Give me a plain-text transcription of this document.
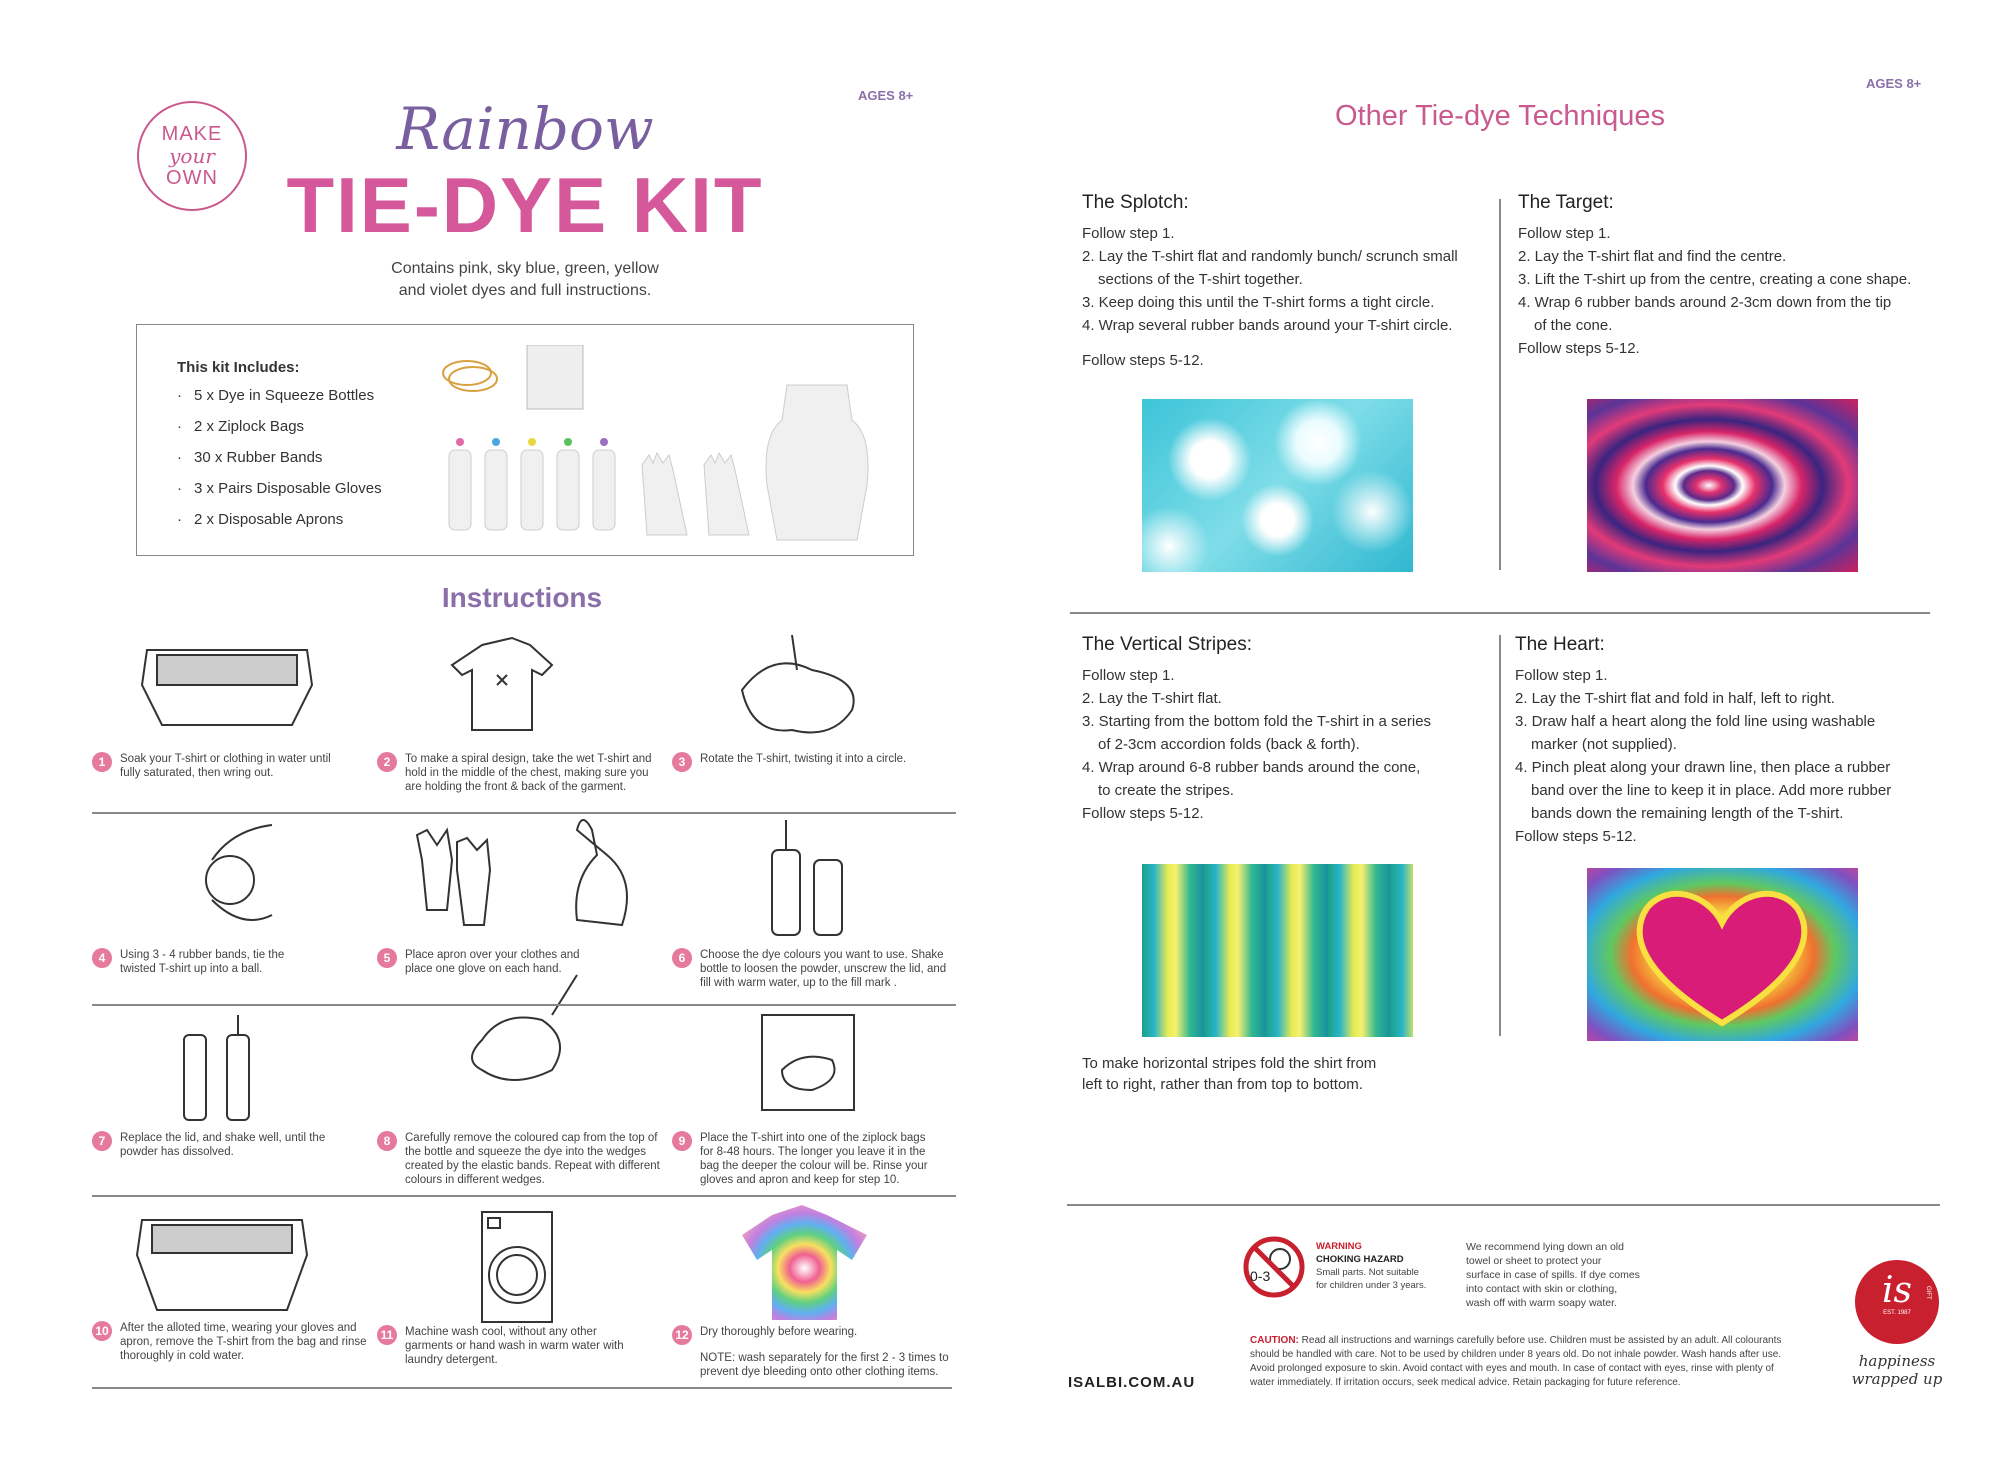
AGES 8+
MAKE
your
OWN
Rainbow
TIE-DYE KIT
Contains pink, sky blue, green, yellow
and violet dyes and full instructions.
This kit Includes:
· 5 x Dye in Squeeze Bottles
· 2 x Ziplock Bags
· 30 x Rubber Bands
· 3 x Pairs Disposable Gloves
· 2 x Disposable Aprons
Instructions
1	Soak your T-shirt or clothing in water until fully saturated, then wring out.
2	To make a spiral design, take the wet T-shirt and hold in the middle of the chest, making sure you are holding the front & back of the garment.
3	Rotate the T-shirt, twisting it into a circle.
4	Using 3 - 4 rubber bands, tie the twisted T-shirt up into a ball.
5	Place apron over your clothes and place one glove on each hand.
6	Choose the dye colours you want to use. Shake bottle to loosen the powder, unscrew the lid, and fill with warm water, up to the fill mark .
7	Replace the lid, and shake well, until the powder has dissolved.
8	Carefully remove the coloured cap from the top of the bottle and squeeze the dye into the wedges created by the elastic bands. Repeat with different colours in different wedges.
9	Place the T-shirt into one of the ziplock bags for 8-48 hours. The longer you leave it in the bag the deeper the colour will be. Rinse your gloves and apron and keep for step 10.
10 After the alloted time, wearing your gloves and apron, remove the T-shirt from the bag and rinse thoroughly in cold water.
11	Machine wash cool, without any other garments or hand wash in warm water with laundry detergent.
12 Dry thoroughly before wearing.
NOTE: wash separately for the first 2 - 3 times to prevent dye bleeding onto other clothing items.
AGES 8+
Other Tie-dye Techniques
The Splotch:

Follow step 1.

2. Lay the T-shirt flat and randomly bunch/ scrunch small

sections of the T-shirt together.

3. Keep doing this until the T-shirt forms a tight circle.

4. Wrap several rubber bands around your T-shirt circle.

Follow steps 5-12.

The Target:

Follow step 1.

2. Lay the T-shirt flat and find the centre.

3. Lift the T-shirt up from the centre, creating a cone shape.

4. Wrap 6 rubber bands around 2-3cm down from the tip

of the cone.

Follow steps 5-12.

The Vertical Stripes:

Follow step 1.

2. Lay the T-shirt flat.

3. Starting from the bottom fold the T-shirt in a series

of 2-3cm accordion folds (back & forth).

4. Wrap around 6-8 rubber bands around the cone,

to create the stripes.

Follow steps 5-12.

To make horizontal stripes fold the shirt from

left to right, rather than from top to bottom.

The Heart:

Follow step 1.

2. Lay the T-shirt flat and fold in half, left to right.

3. Draw half a heart along the fold line using washable

marker (not supplied).

4. Pinch pleat along your drawn line, then place a rubber

band over the line to keep it in place. Add more rubber

bands down the remaining length of the T-shirt.

Follow steps 5-12.

0-3
WARNING
CHOKING HAZARD
Small parts. Not suitable
for children under 3 years.
We recommend lying down an old
towel or sheet to protect your
surface in case of spills. If dye comes
into contact with skin or clothing,
wash off with warm soapy water.
CAUTION: Read all instructions and warnings carefully before use. Children must be assisted by an adult. All colourants should be handled with care. Not to be used by children under 8 years old. Do not inhale powder. Wash hands after use. Avoid prolonged exposure to skin. Avoid contact with eyes and mouth. In case of contact with eyes, rinse with plenty of water immediately. If irritation occurs, seek medical advice. Retain packaging for future reference.
ISALBI.COM.AU
is
EST. 1987
GIFT
happiness
wrapped up
